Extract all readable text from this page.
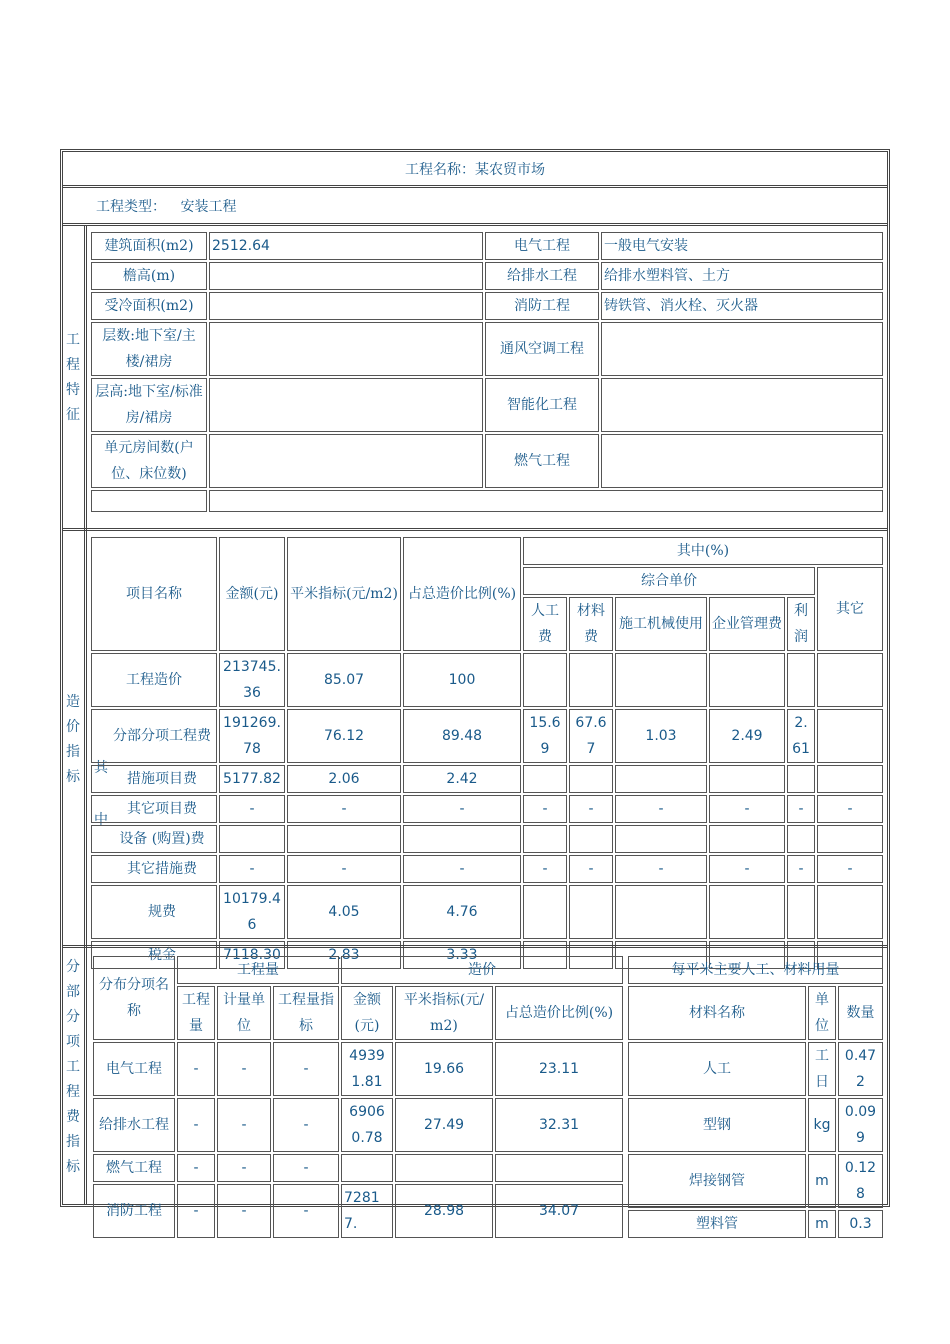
工程名称：某农贸市场
工程类型： 安装工程
工
程
特
征
建筑面积(m2)	2512.64	电气工程	一般电气安装
檐高(m)		给排水工程	给排水塑料管、土方
受冷面积(m2)		消防工程	铸铁管、消火栓、灭火器
层数:地下室/主楼/裙房		通风空调工程	
层高:地下室/标准房/裙房		智能化工程	
单元房间数(户位、床位数)		燃气工程	

造
价
指
标
其
中
项目名称	金额(元)	平米指标(元/m2)	占总造价比例(%)	其中(%)					
				综合单价					其它
				人工费	材料费	施工机械使用	企业管理费	利润	
工程造价	213745.36	85.07	100						
分部分项工程费	191269.78	76.12	89.48	15.69	67.67	1.03	2.49	2.61	
措施项目费	5177.82	2.06	2.42						
其它项目费	-	-	-	-	-	-	-	-	-
设备 (购置)费									
其它措施费	-	-	-	-	-	-	-	-	-
规费	10179.46	4.05	4.76						
税金	7118.30	2.83	3.33						
分
部
分
项
工
程
费
指
标
分布分项名称	工程量			造价		
	工程量	计量单位	工程量指标	金额(元)	平米指标(元/m2)	占总造价比例(%)
电气工程	-	-	-	49391.81	19.66	23.11
给排水工程	-	-	-	69060.78	27.49	32.31
燃气工程	-	-	-			
消防工程	-	-	-	72817.	28.98	34.07
每平米主要人工、材料用量		
材料名称	单位	数量
人工	工日	0.472
型钢	kg	0.099
焊接钢管	m	0.128
塑料管	m	0.3
